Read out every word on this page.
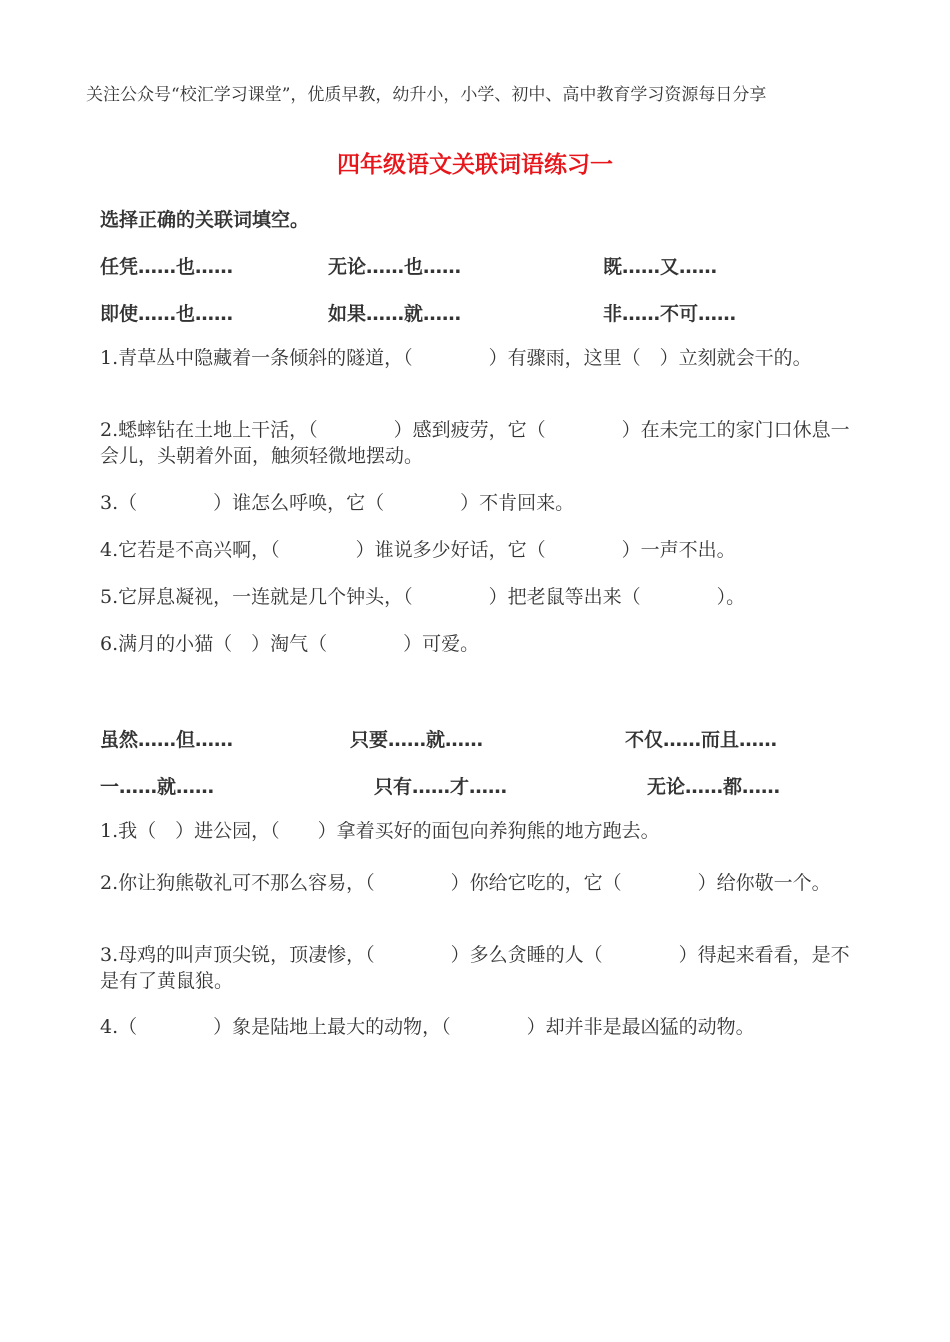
关注公众号“校汇学习课堂”，优质早教，幼升小，小学、初中、高中教育学习资源每日分享
四年级语文关联词语练习一
选择正确的关联词填空。
任凭……也……	无论……也……	既……又……
即使……也……	如果……就……	非……不可……
1.青草丛中隐藏着一条倾斜的隧道，（　　　　）有骤雨，这里（　）立刻就会干的。
2.蟋蟀钻在土地上干活，（　　　　）感到疲劳，它（　　　　）在未完工的家门口休息一会儿，头朝着外面，触须轻微地摆动。
3.（　　　　）谁怎么呼唤，它（　　　　）不肯回来。
4.它若是不高兴啊，（　　　　）谁说多少好话，它（　　　　）一声不出。
5.它屏息凝视，一连就是几个钟头，（　　　　）把老鼠等出来（　　　　）。
6.满月的小猫（　）淘气（　　　　）可爱。
虽然……但……	只要……就……	不仅……而且……
一……就……	只有……才……	无论……都……
1.我（　）进公园，（　　）拿着买好的面包向养狗熊的地方跑去。
2.你让狗熊敬礼可不那么容易，（　　　　）你给它吃的，它（　　　　）给你敬一个。
3.母鸡的叫声顶尖锐，顶凄惨，（　　　　）多么贪睡的人（　　　　）得起来看看，是不是有了黄鼠狼。
4.（　　　　）象是陆地上最大的动物，（　　　　）却并非是最凶猛的动物。
